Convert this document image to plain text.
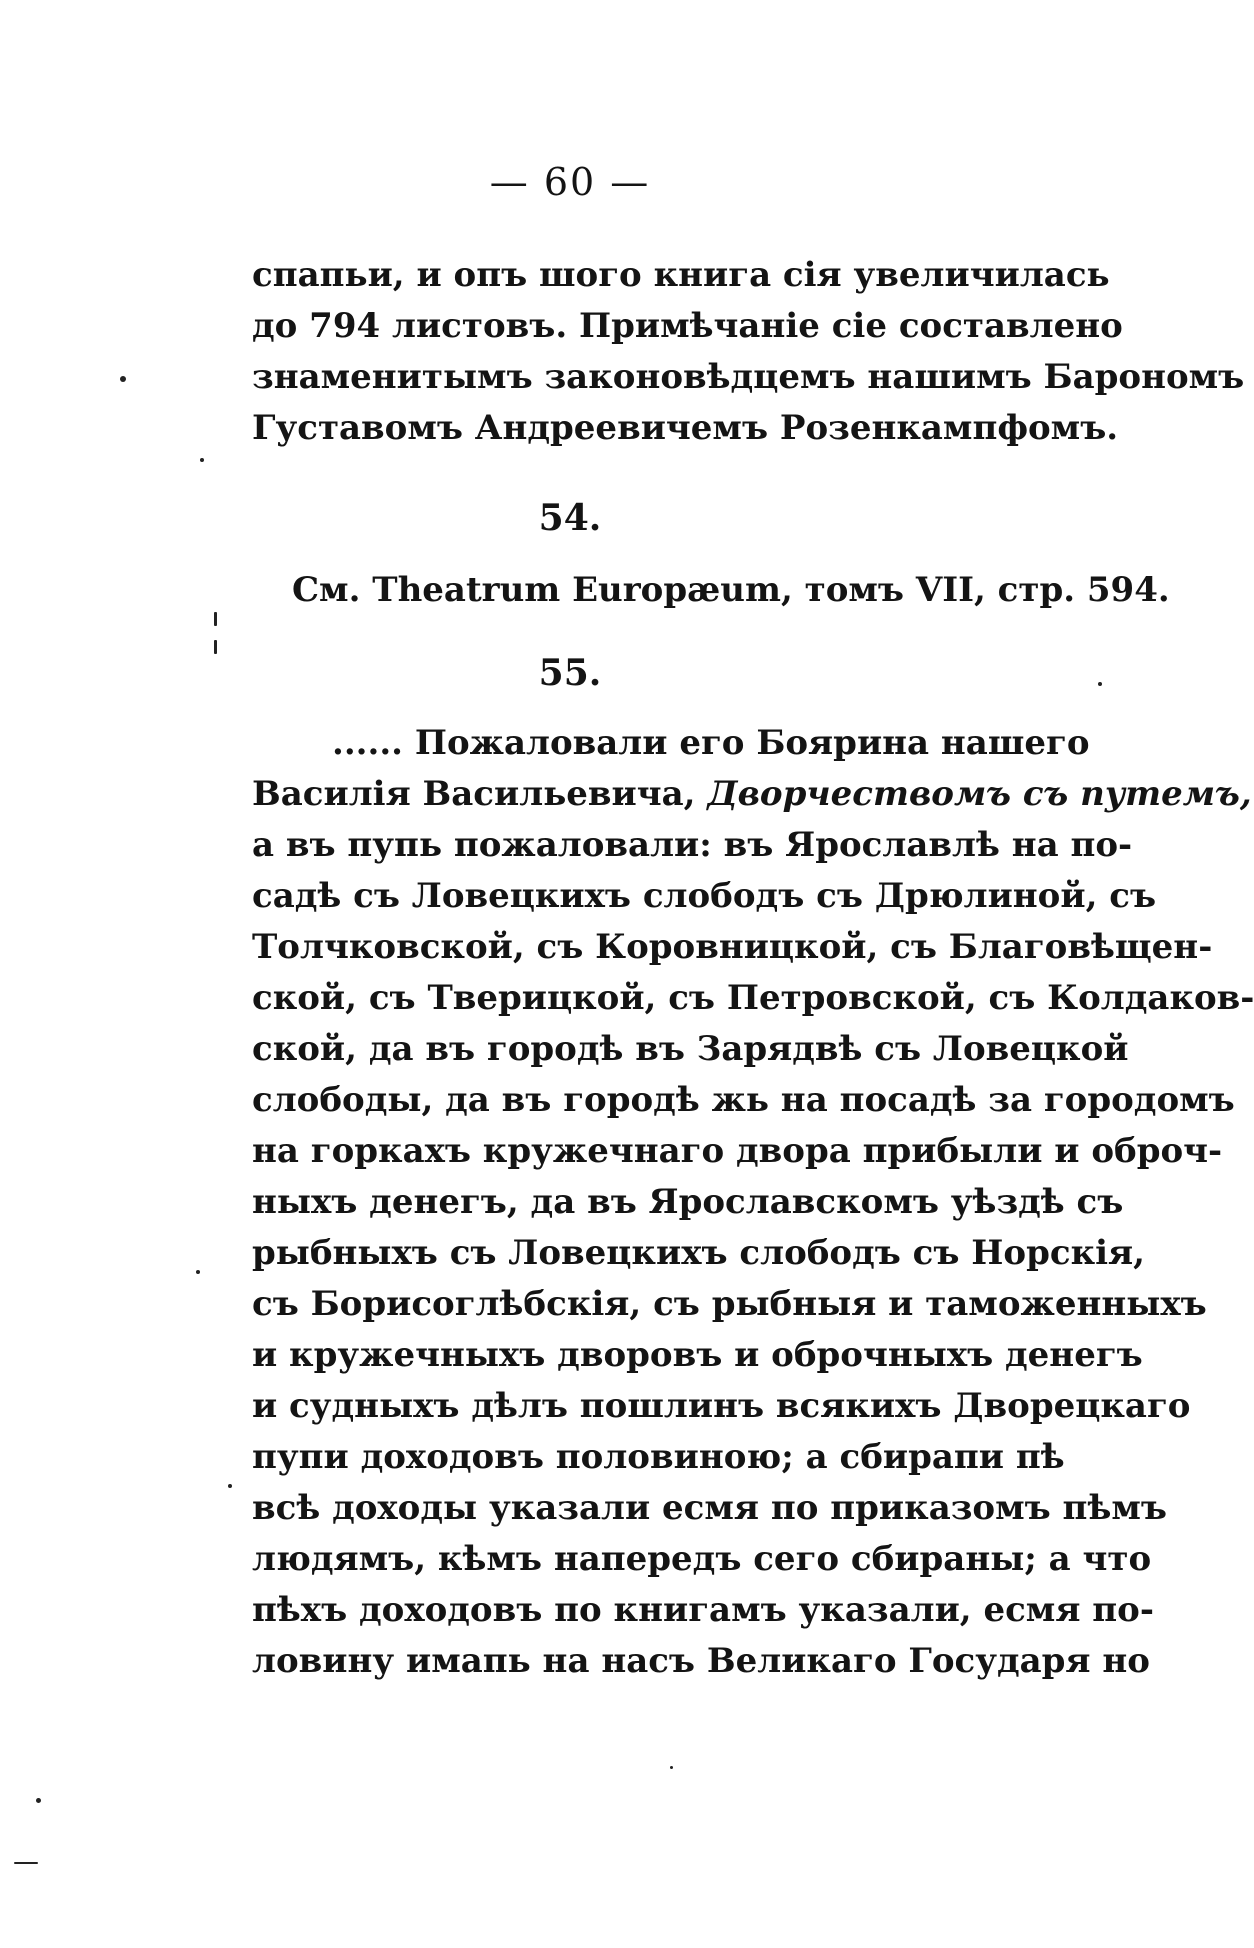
— 60 —
спапьи, и опъ шого книга сія увеличилась
до 794 листовъ. Примѣчаніе сіе составлено
знаменитымъ законовѣдцемъ нашимъ Барономъ
Густавомъ Андреевичемъ Розенкампфомъ.
54.
См. Theatrum Europæum, томъ VII, стр. 594.
55.
...... Пожаловали его Боярина нашего
Василія Васильевича, Дворчествомъ съ путемъ,
а въ пупь пожаловали: въ Ярославлѣ на по-
садѣ съ Ловецкихъ слободъ съ Дрюлиной, съ
Толчковской, съ Коровницкой, съ Благовѣщен-
ской, съ Тверицкой, съ Петровской, съ Колдаков-
ской, да въ городѣ въ Зарядвѣ съ Ловецкой
слободы, да въ городѣ жь на посадѣ за городомъ
на горкахъ кружечнаго двора прибыли и оброч-
ныхъ денегъ, да въ Ярославскомъ уѣздѣ съ
рыбныхъ съ Ловецкихъ слободъ съ Норскія,
съ Борисоглѣбскія, съ рыбныя и таможенныхъ
и кружечныхъ дворовъ и оброчныхъ денегъ
и судныхъ дѣлъ пошлинъ всякихъ Дворецкаго
пупи доходовъ половиною; а сбирапи пѣ
всѣ доходы указали есмя по приказомъ пѣмъ
людямъ, кѣмъ напередъ сего сбираны; а что
пѣхъ доходовъ по книгамъ указали, есмя по-
ловину имапь на насъ Великаго Государя но
